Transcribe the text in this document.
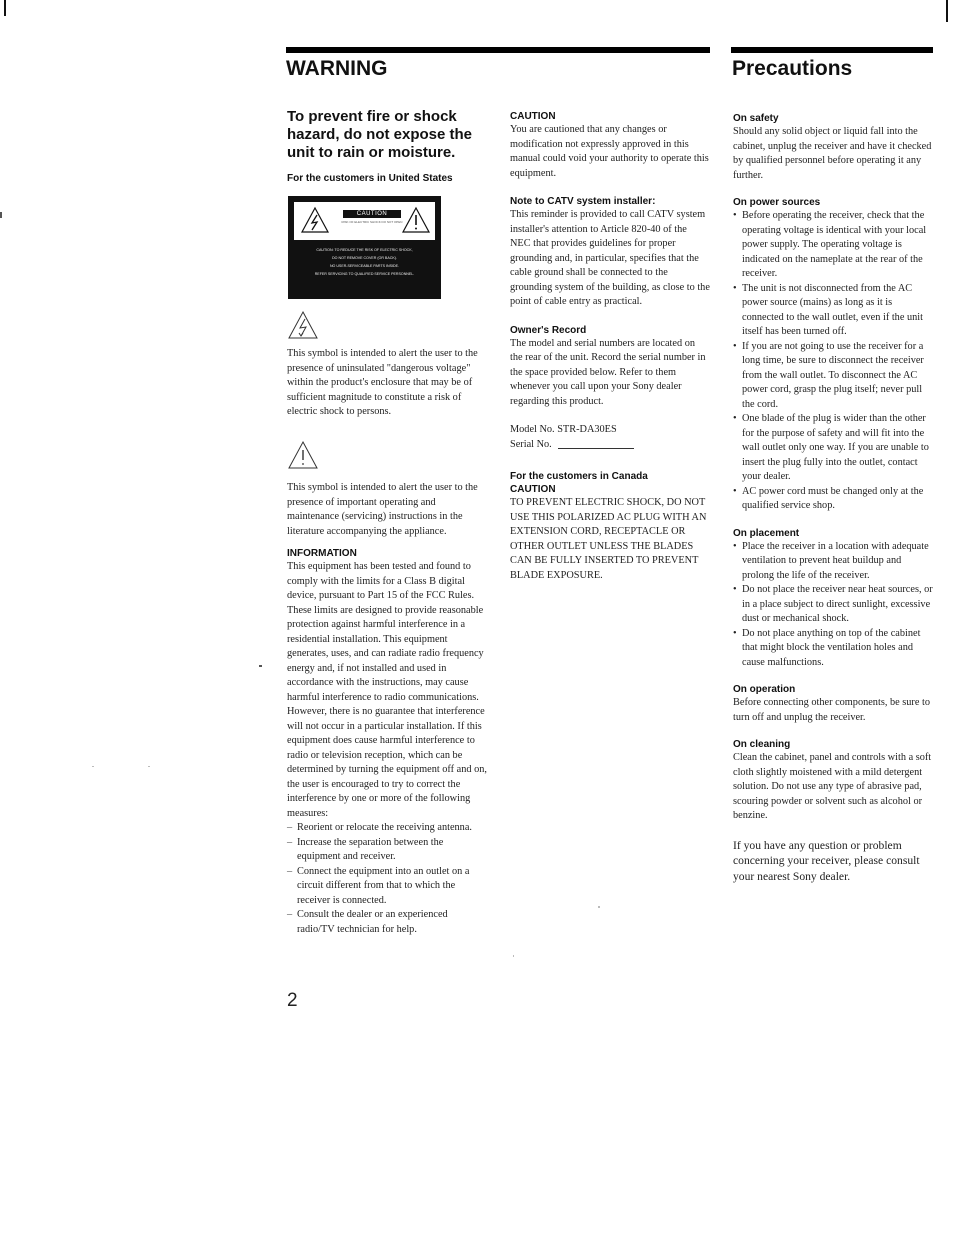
WARNING	Precautions

To prevent fire or shock hazard, do not expose the unit to rain or moisture.

For the customers in United States

CAUTION
RISK OF ELECTRIC SHOCK DO NOT OPEN
CAUTION: TO REDUCE THE RISK OF ELECTRIC SHOCK,
DO NOT REMOVE COVER (OR BACK).
NO USER-SERVICEABLE PARTS INSIDE.
REFER SERVICING TO QUALIFIED SERVICE PERSONNEL.

This symbol is intended to alert the user to the presence of uninsulated "dangerous voltage" within the product's enclosure that may be of sufficient magnitude to constitute a risk of electric shock to persons.

This symbol is intended to alert the user to the presence of important operating and maintenance (servicing) instructions in the literature accompanying the appliance.

INFORMATION

This equipment has been tested and found to comply with the limits for a Class B digital device, pursuant to Part 15 of the FCC Rules.

These limits are designed to provide reasonable protection against harmful interference in a residential installation. This equipment generates, uses, and can radiate radio frequency energy and, if not installed and used in accordance with the instructions, may cause harmful interference to radio communications. However, there is no guarantee that interference will not occur in a particular installation. If this equipment does cause harmful interference to radio or television reception, which can be determined by turning the equipment off and on, the user is encouraged to try to correct the interference by one or more of the following measures:

– Reorient or relocate the receiving antenna.
– Increase the separation between the equipment and receiver.
– Connect the equipment into an outlet on a circuit different from that to which the receiver is connected.
– Consult the dealer or an experienced radio/TV technician for help.
2

CAUTION

You are cautioned that any changes or modification not expressly approved in this manual could void your authority to operate this equipment.

Note to CATV system installer:

This reminder is provided to call CATV system installer's attention to Article 820-40 of the NEC that provides guidelines for proper grounding and, in particular, specifies that the cable ground shall be connected to the grounding system of the building, as close to the point of cable entry as practical.

Owner's Record

The model and serial numbers are located on the rear of the unit. Record the serial number in the space provided below. Refer to them whenever you call upon your Sony dealer regarding this product.

Model No. STR-DA30ES

Serial No.

For the customers in Canada

CAUTION

TO PREVENT ELECTRIC SHOCK, DO NOT USE THIS POLARIZED AC PLUG WITH AN EXTENSION CORD, RECEPTACLE OR OTHER OUTLET UNLESS THE BLADES CAN BE FULLY INSERTED TO PREVENT BLADE EXPOSURE.

On safety

Should any solid object or liquid fall into the cabinet, unplug the receiver and have it checked by qualified personnel before operating it any further.

On power sources

• Before operating the receiver, check that the operating voltage is identical with your local power supply. The operating voltage is indicated on the nameplate at the rear of the receiver.
• The unit is not disconnected from the AC power source (mains) as long as it is connected to the wall outlet, even if the unit itself has been turned off.
• If you are not going to use the receiver for a long time, be sure to disconnect the receiver from the wall outlet. To disconnect the AC power cord, grasp the plug itself; never pull the cord.
• One blade of the plug is wider than the other for the purpose of safety and will fit into the wall outlet only one way. If you are unable to insert the plug fully into the outlet, contact your dealer.
• AC power cord must be changed only at the qualified service shop.

On placement

• Place the receiver in a location with adequate ventilation to prevent heat buildup and prolong the life of the receiver.
• Do not place the receiver near heat sources, or in a place subject to direct sunlight, excessive dust or mechanical shock.
• Do not place anything on top of the cabinet that might block the ventilation holes and cause malfunctions.

On operation

Before connecting other components, be sure to turn off and unplug the receiver.

On cleaning

Clean the cabinet, panel and controls with a soft cloth slightly moistened with a mild detergent solution. Do not use any type of abrasive pad, scouring powder or solvent such as alcohol or benzine.

If you have any question or problem concerning your receiver, please consult your nearest Sony dealer.
